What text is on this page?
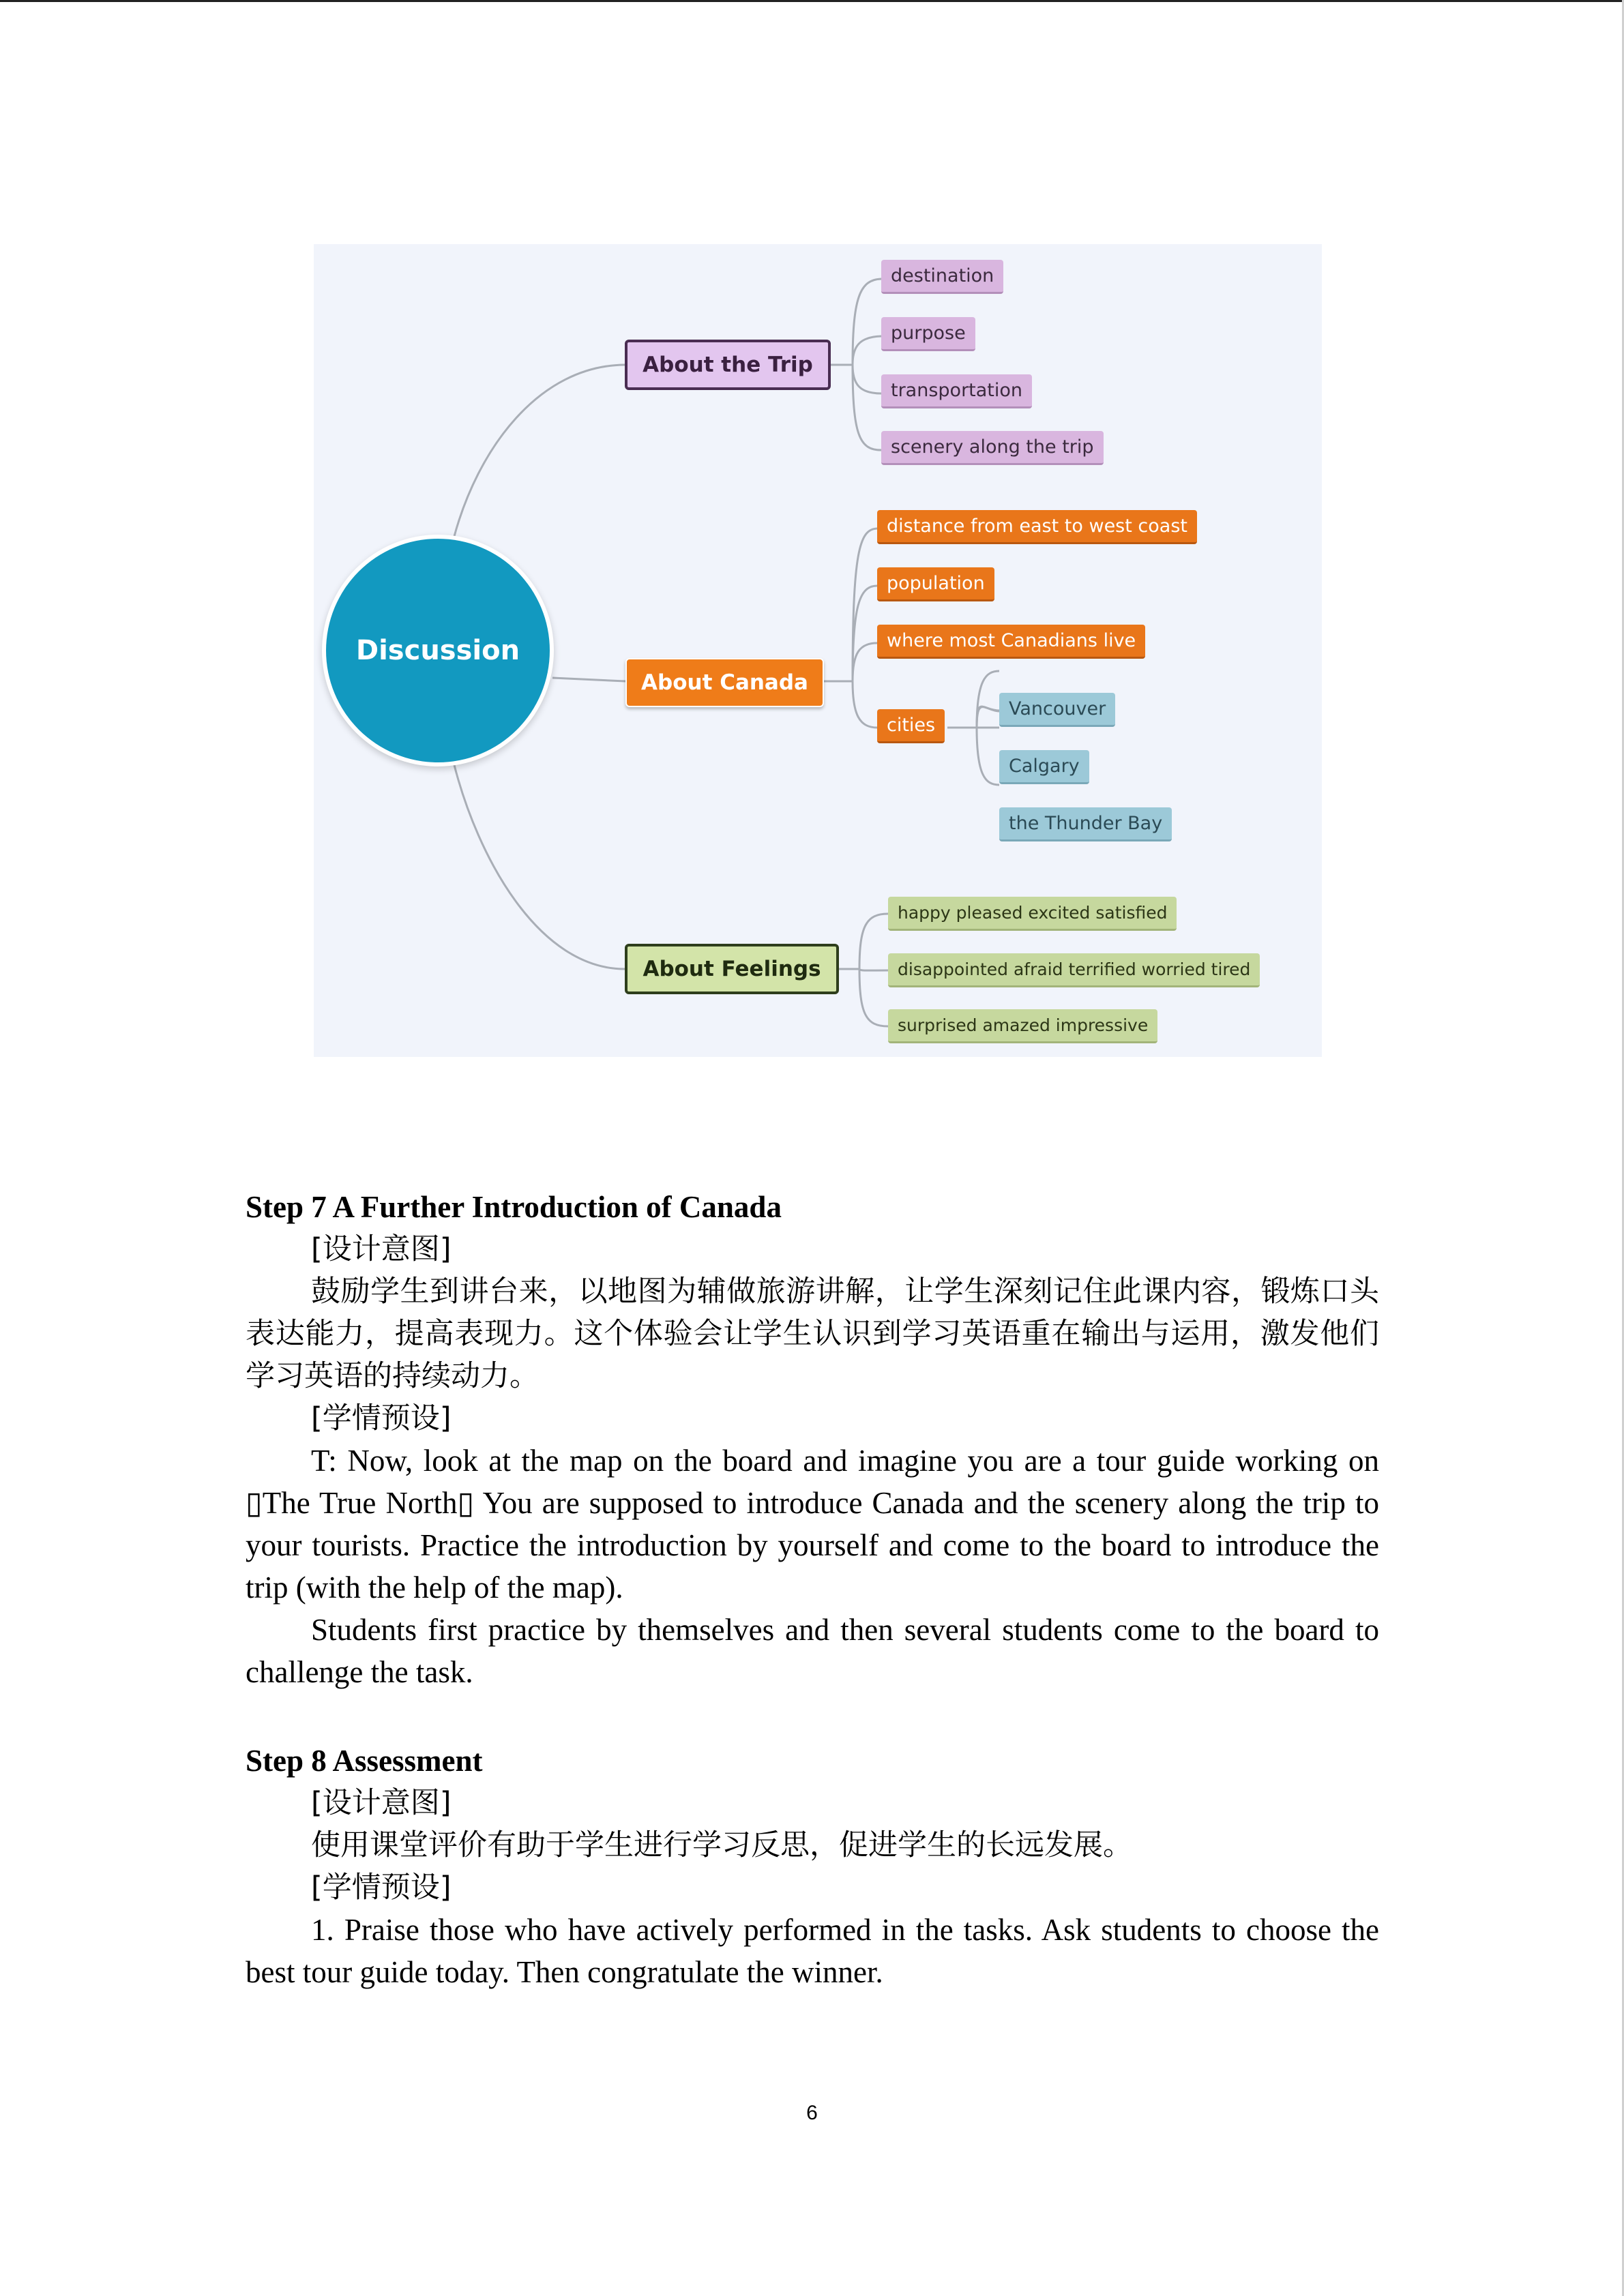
Discussion
About the Trip
destination
purpose
transportation
scenery along the trip
About Canada
distance from east to west coast
population
where most Canadians live
cities
Vancouver
Calgary
the Thunder Bay
About Feelings
happy pleased excited satisfied
disappointed afraid terrified worried tired
surprised amazed impressive
Step 7 A Further Introduction of Canada
[设计意图]
鼓励学生到讲台来，以地图为辅做旅游讲解，让学生深刻记住此课内容，锻炼口头表达能力，提高表现力。这个体验会让学生认识到学习英语重在输出与运用，激发他们学习英语的持续动力。
[学情预设]
T: Now, look at the map on the board and imagine you are a tour guide working on ▯The True North▯ You are supposed to introduce Canada and the scenery along the trip to your tourists. Practice the introduction by yourself and come to the board to introduce the trip (with the help of the map).
Students first practice by themselves and then several students come to the board to challenge the task.
Step 8 Assessment
[设计意图]
使用课堂评价有助于学生进行学习反思，促进学生的长远发展。
[学情预设]
1. Praise those who have actively performed in the tasks. Ask students to choose the best tour guide today. Then congratulate the winner.
6
